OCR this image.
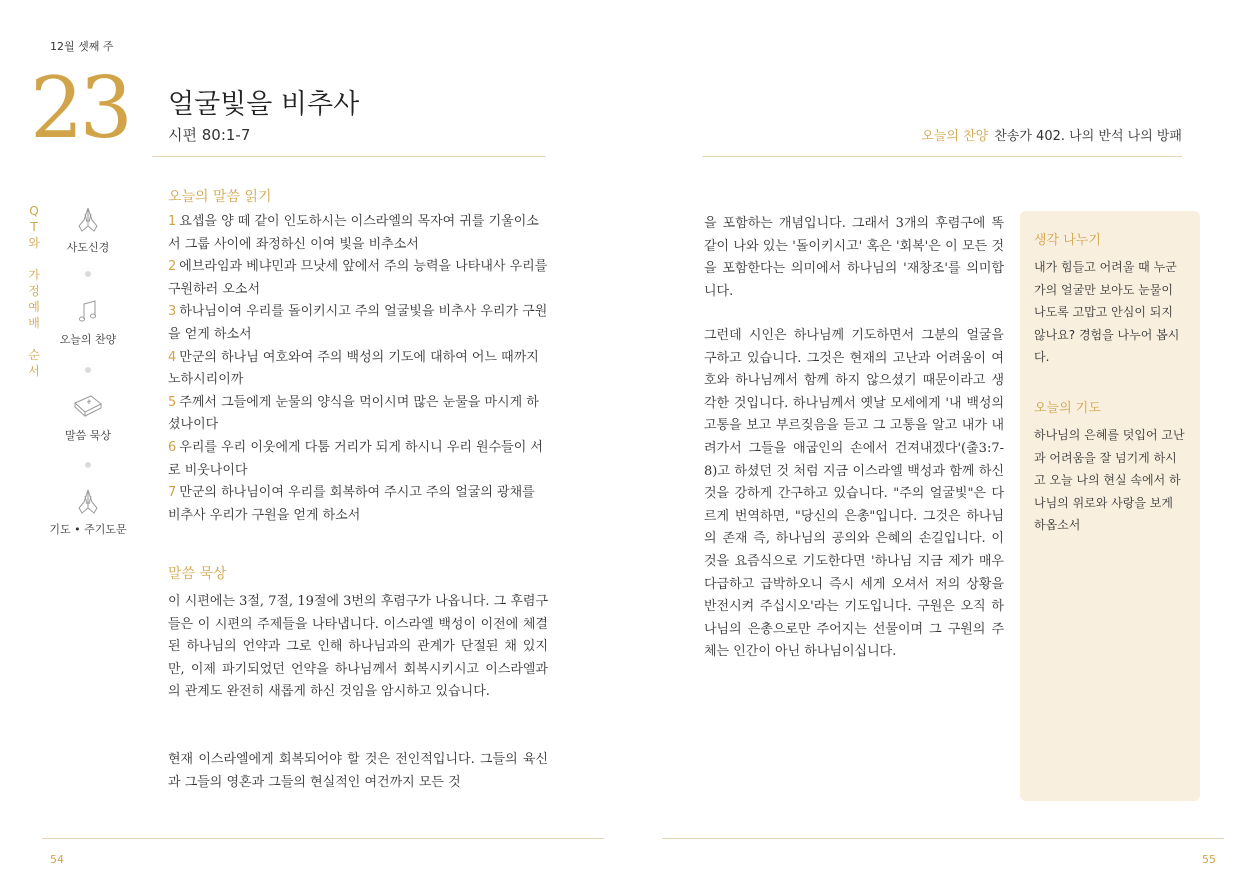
12월 셋째 주
23 얼굴빛을 비추사
시편 80:1-7	오늘의 찬양 찬송가 402. 나의 반석 나의 방패
Q
T
와
가
정
예
배
순
서
사도신경
오늘의 찬양
말씀 묵상
기도 • 주기도문
오늘의 말씀 읽기
1 요셉을 양 떼 같이 인도하시는 이스라엘의 목자여 귀를 기울이소서 그룹 사이에 좌정하신 이여 빛을 비추소서
2 에브라임과 베냐민과 므낫세 앞에서 주의 능력을 나타내사 우리를 구원하러 오소서
3 하나님이여 우리를 돌이키시고 주의 얼굴빛을 비추사 우리가 구원을 얻게 하소서
4 만군의 하나님 여호와여 주의 백성의 기도에 대하여 어느 때까지 노하시리이까
5 주께서 그들에게 눈물의 양식을 먹이시며 많은 눈물을 마시게 하셨나이다
6 우리를 우리 이웃에게 다툼 거리가 되게 하시니 우리 원수들이 서로 비웃나이다
7 만군의 하나님이여 우리를 회복하여 주시고 주의 얼굴의 광채를 비추사 우리가 구원을 얻게 하소서
말씀 묵상
이 시편에는 3절, 7절, 19절에 3번의 후렴구가 나옵니다. 그 후렴구들은 이 시편의 주제들을 나타냅니다. 이스라엘 백성이 이전에 체결된 하나님의 언약과 그로 인해 하나님과의 관계가 단절된 채 있지만, 이제 파기되었던 언약을 하나님께서 회복시키시고 이스라엘과의 관계도 완전히 새롭게 하신 것임을 암시하고 있습니다.
현재 이스라엘에게 회복되어야 할 것은 전인적입니다. 그들의 육신과 그들의 영혼과 그들의 현실적인 여건까지 모든 것
을 포함하는 개념입니다. 그래서 3개의 후렴구에 똑같이 나와 있는 '돌이키시고' 혹은 '회복'은 이 모든 것을 포함한다는 의미에서 하나님의 '재창조'를 의미합니다.
그런데 시인은 하나님께 기도하면서 그분의 얼굴을 구하고 있습니다. 그것은 현재의 고난과 어려움이 여호와 하나님께서 함께 하지 않으셨기 때문이라고 생각한 것입니다. 하나님께서 옛날 모세에게 '내 백성의 고통을 보고 부르짖음을 듣고 그 고통을 알고 내가 내려가서 그들을 애굽인의 손에서 건져내겠다'(출3:7-8)고 하셨던 것 처럼 지금 이스라엘 백성과 함께 하신 것을 강하게 간구하고 있습니다. "주의 얼굴빛"은 다르게 번역하면, "당신의 은총"입니다. 그것은 하나님의 존재 즉, 하나님의 공의와 은혜의 손길입니다. 이것을 요즘식으로 기도한다면 '하나님 지금 제가 매우 다급하고 급박하오니 즉시 세게 오셔서 저의 상황을 반전시켜 주십시오'라는 기도입니다. 구원은 오직 하나님의 은총으로만 주어지는 선물이며 그 구원의 주체는 인간이 아닌 하나님이십니다.
생각 나누기
내가 힘들고 어려울 때 누군가의 얼굴만 보아도 눈물이 나도록 고맙고 안심이 되지 않나요? 경험을 나누어 봅시다.
오늘의 기도
하나님의 은혜를 덧입어 고난과 어려움을 잘 넘기게 하시고 오늘 나의 현실 속에서 하나님의 위로와 사랑을 보게 하옵소서
54	55
